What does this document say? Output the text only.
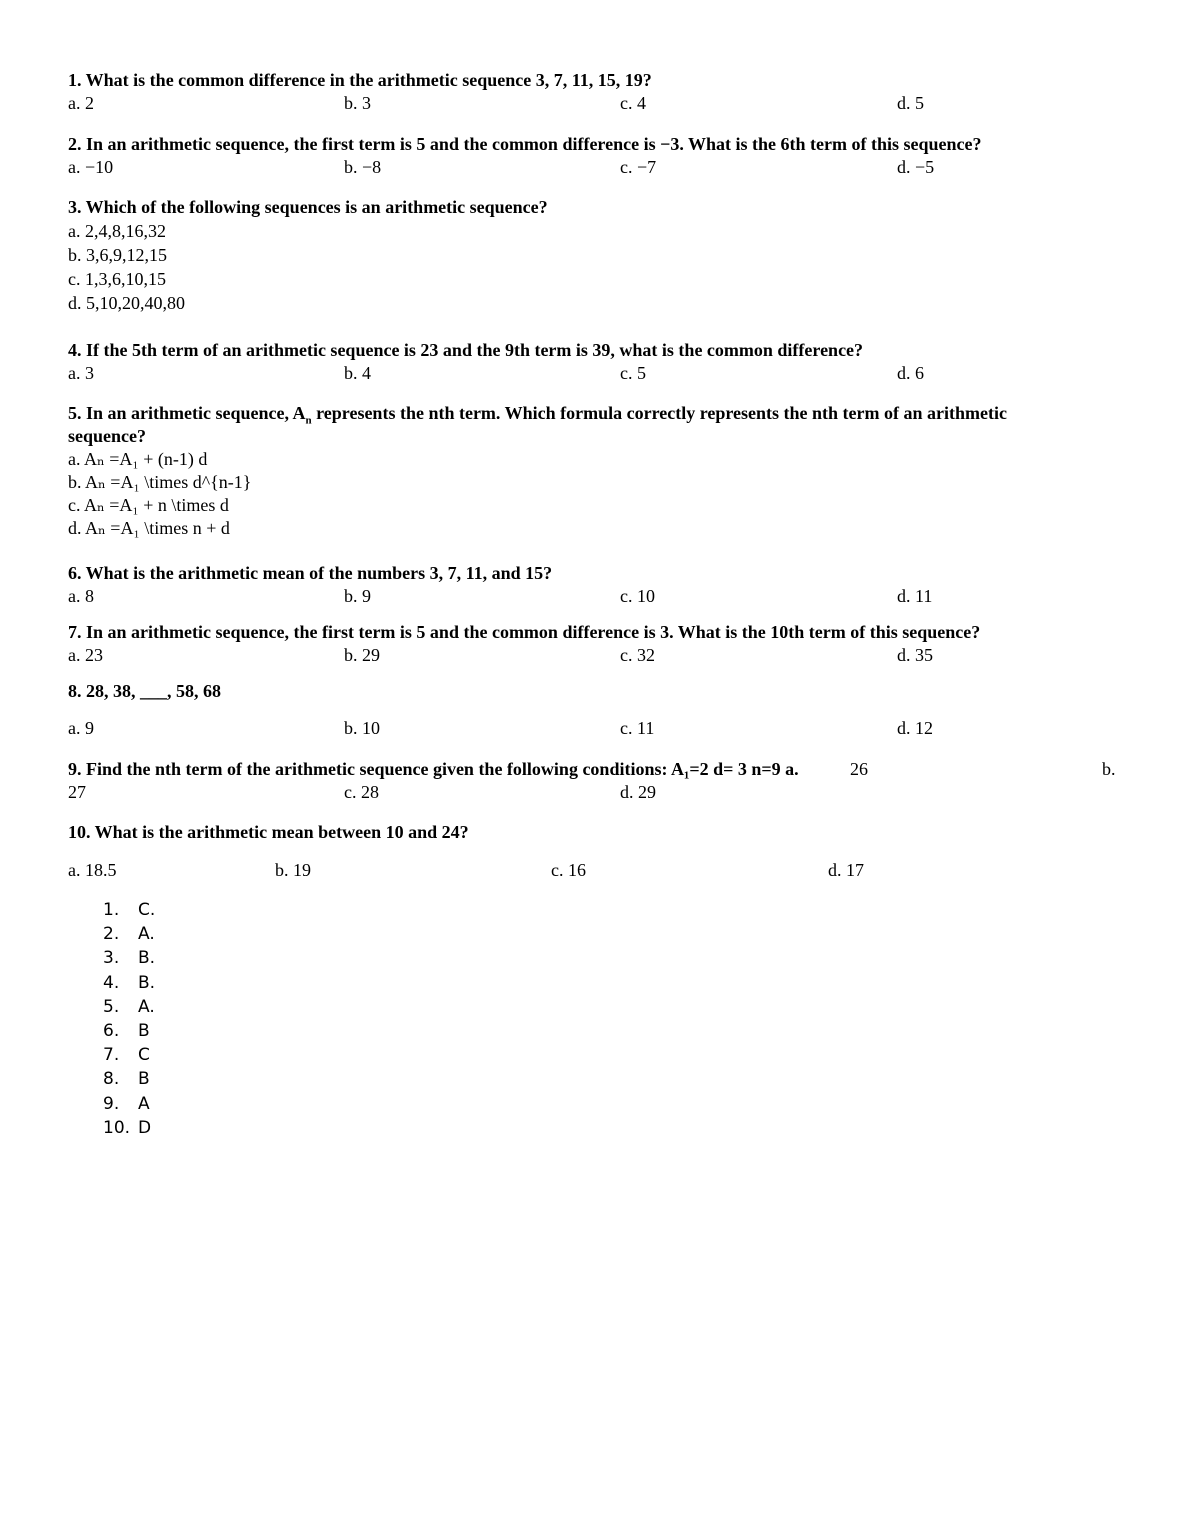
1. What is the common difference in the arithmetic sequence 3, 7, 11, 15, 19?
a. 2	b. 3	c. 4	d. 5
2. In an arithmetic sequence, the first term is 5 and the common difference is −3. What is the 6th term of this sequence?
a. −10	b. −8	c. −7	d. −5
3. Which of the following sequences is an arithmetic sequence?
a. 2,4,8,16,32
b. 3,6,9,12,15
c. 1,3,6,10,15
d. 5,10,20,40,80
4. If the 5th term of an arithmetic sequence is 23 and the 9th term is 39, what is the common difference?
a. 3	b. 4	c. 5	d. 6
5. In an arithmetic sequence, $A_n$ represents the nth term. Which formula correctly represents the nth term of an arithmetic
sequence?
a. Aₙ =A₁ + (n-1) d
b. Aₙ =A₁ \times d^{n-1}
c. Aₙ =A₁ + n \times d
d. Aₙ =A₁ \times n + d
6. What is the arithmetic mean of the numbers 3, 7, 11, and 15?
a. 8	b. 9	c. 10	d. 11
7. In an arithmetic sequence, the first term is 5 and the common difference is 3. What is the 10th term of this sequence?
a. 23	b. 29	c. 32	d. 35
8. 28, 38, ___, 58, 68
a. 9	b. 10	c. 11	d. 12
9. Find the nth term of the arithmetic sequence given the following conditions: A₁=2 d= 3 n=9 a.	26	b.
27	c. 28	d. 29
10. What is the arithmetic mean between 10 and 24?
a. 18.5	b. 19	c. 16	d. 17
1. C.
2. A.
3. B.
4. B.
5. A.
6. B
7. C
8. B
9. A
10. D
